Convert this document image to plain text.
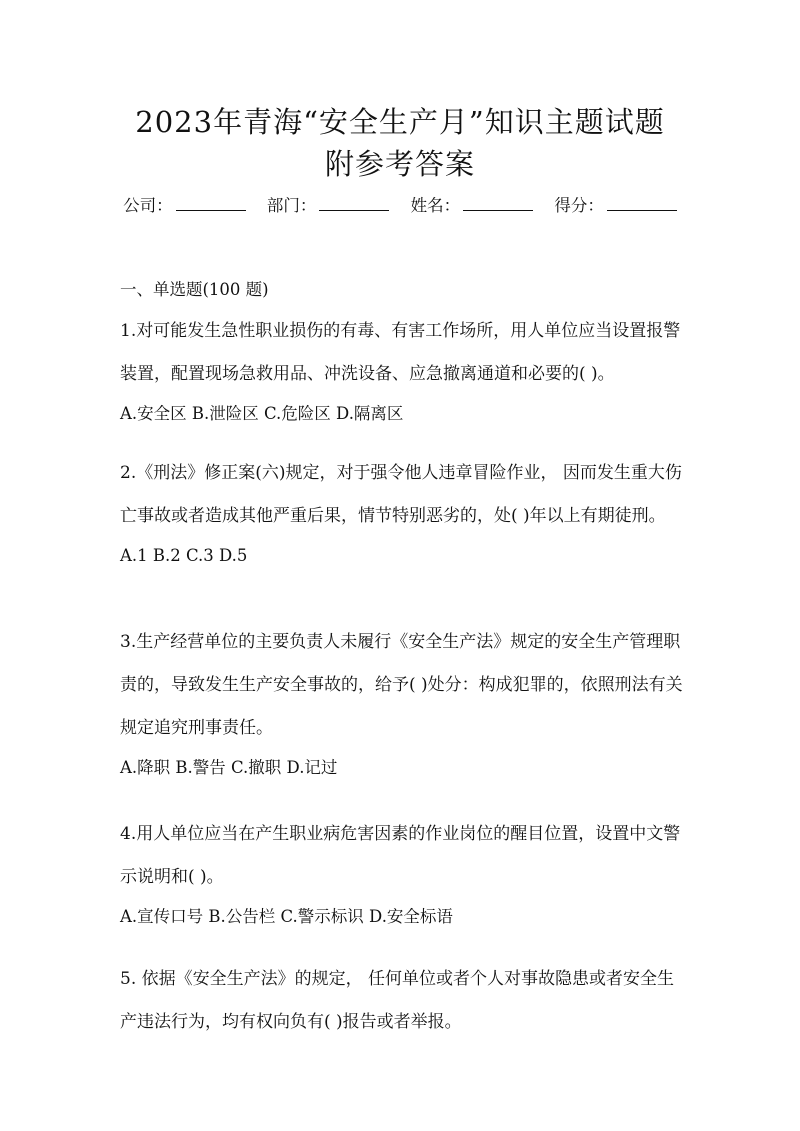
2023年青海“安全生产月”知识主题试题
附参考答案
公司：	部门：	姓名：	得分：
一、单选题(100 题)

1.对可能发生急性职业损伤的有毒、有害工作场所，用人单位应当设置报警装置，配置现场急救用品、冲洗设备、应急撤离通道和必要的( )。

A.安全区 B.泄险区 C.危险区 D.隔离区

2.《刑法》修正案(六)规定，对于强令他人违章冒险作业， 因而发生重大伤亡事故或者造成其他严重后果，情节特别恶劣的，处( )年以上有期徒刑。

A.1 B.2 C.3 D.5

3.生产经营单位的主要负责人未履行《安全生产法》规定的安全生产管理职责的，导致发生生产安全事故的，给予( )处分：构成犯罪的，依照刑法有关规定追究刑事责任。

A.降职 B.警告 C.撤职 D.记过

4.用人单位应当在产生职业病危害因素的作业岗位的醒目位置，设置中文警示说明和( )。

A.宣传口号 B.公告栏 C.警示标识 D.安全标语

5. 依据《安全生产法》的规定， 任何单位或者个人对事故隐患或者安全生产违法行为，均有权向负有( )报告或者举报。
